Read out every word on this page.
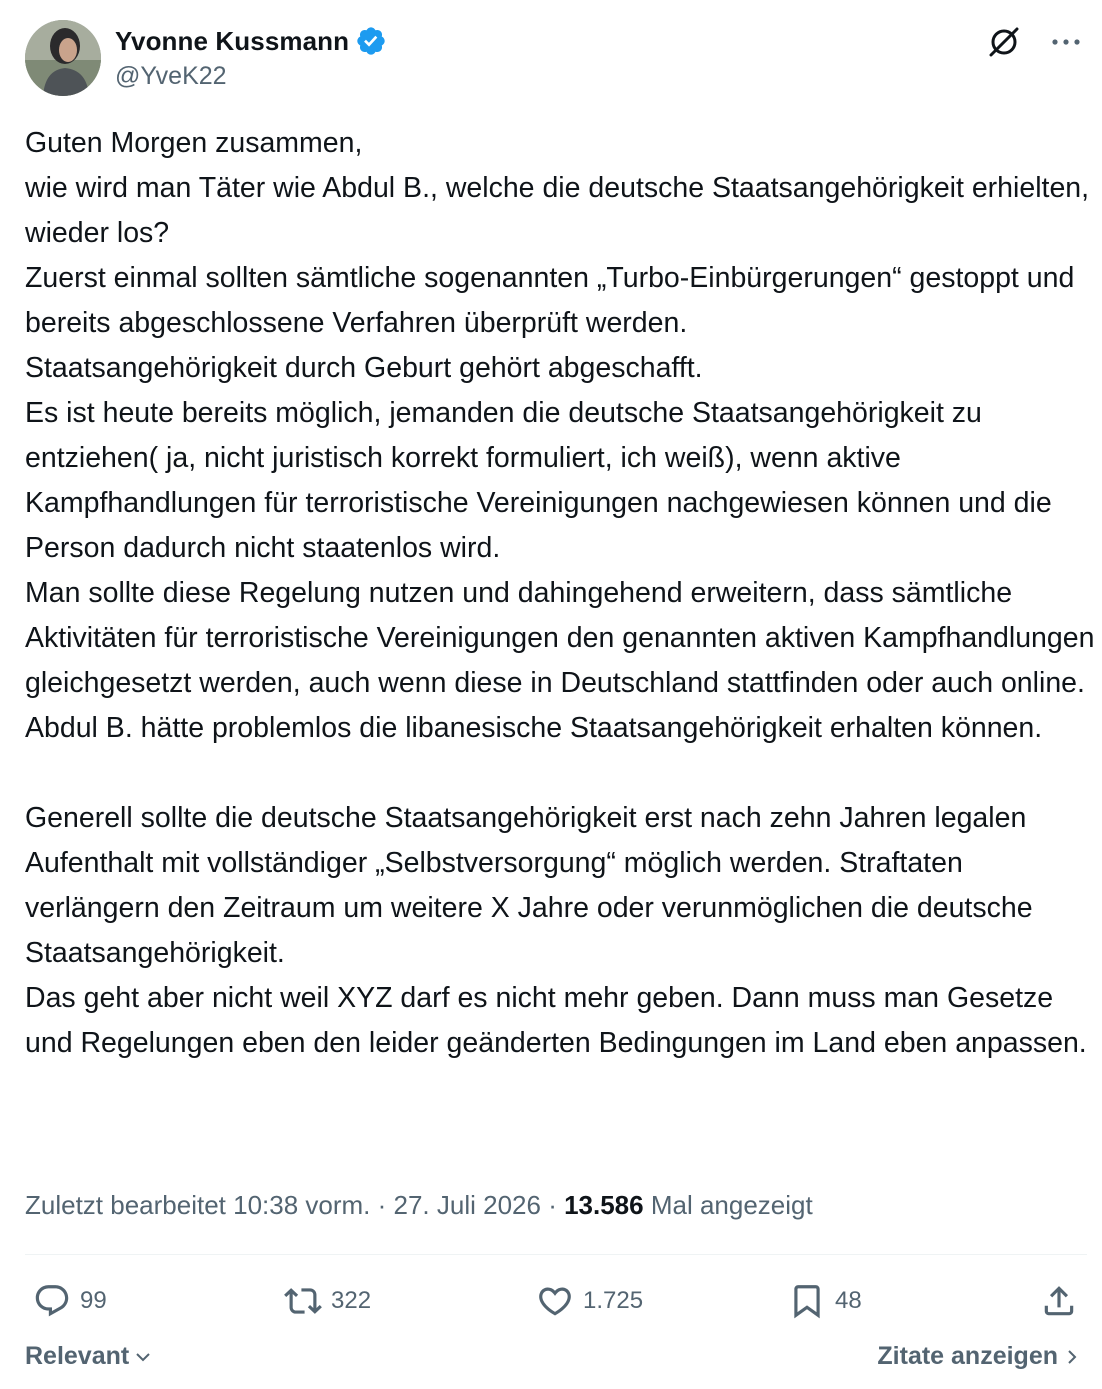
Yvonne Kussmann
@YveK22

Guten Morgen zusammen,
wie wird man Täter wie Abdul B., welche die deutsche Staatsangehörigkeit erhielten, wieder los?
Zuerst einmal sollten sämtliche sogenannten „Turbo-Einbürgerungen“ gestoppt und bereits abgeschlossene Verfahren überprüft werden.
Staatsangehörigkeit durch Geburt gehört abgeschafft.
Es ist heute bereits möglich, jemanden die deutsche Staatsangehörigkeit zu entziehen( ja, nicht juristisch korrekt formuliert, ich weiß), wenn aktive Kampfhandlungen für terroristische Vereinigungen nachgewiesen können und die Person dadurch nicht staatenlos wird.
Man sollte diese Regelung nutzen und dahingehend erweitern, dass sämtliche Aktivitäten für terroristische Vereinigungen den genannten aktiven Kampfhandlungen gleichgesetzt werden, auch wenn diese in Deutschland stattfinden oder auch online. Abdul B. hätte problemlos die libanesische Staatsangehörigkeit erhalten können.

Generell sollte die deutsche Staatsangehörigkeit erst nach zehn Jahren legalen Aufenthalt mit vollständiger „Selbstversorgung“ möglich werden. Straftaten verlängern den Zeitraum um weitere X Jahre oder verunmöglichen die deutsche Staatsangehörigkeit.
Das geht aber nicht weil XYZ darf es nicht mehr geben. Dann muss man Gesetze und Regelungen eben den leider geänderten Bedingungen im Land eben anpassen.

Zuletzt bearbeitet 10:38 vorm. · 27. Juli 2026 · 13.586 Mal angezeigt
99	322	1.725	48
Relevant	Zitate anzeigen
